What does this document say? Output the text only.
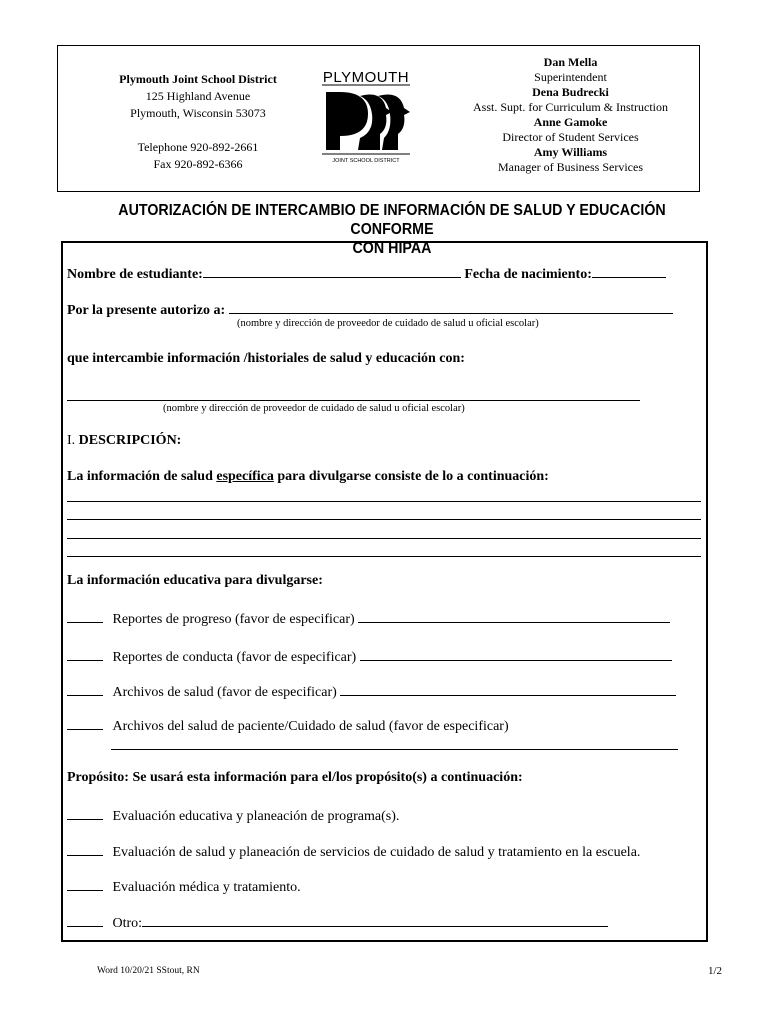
Plymouth Joint School District
125 Highland Avenue
Plymouth, Wisconsin 53073
Telephone 920-892-2661
Fax 920-892-6366
PLYMOUTH
JOINT SCHOOL DISTRICT
Dan Mella
Superintendent
Dena Budrecki
Asst. Supt. for Curriculum & Instruction
Anne Gamoke
Director of Student Services
Amy Williams
Manager of Business Services
AUTORIZACIÓN DE INTERCAMBIO DE INFORMACIÓN DE SALUD Y EDUCACIÓN CONFORME
CON HIPAA
Nombre de estudiante:	Fecha de nacimiento:
Por la presente autorizo a:
(nombre y dirección de proveedor de cuidado de salud u oficial escolar)
que intercambie información /historiales de salud y educación con:
(nombre y dirección de proveedor de cuidado de salud u oficial escolar)
I. DESCRIPCIÓN:
La información de salud específica para divulgarse consiste de lo a continuación:
La información educativa para divulgarse:
Reportes de progreso (favor de especificar)
Reportes de conducta (favor de especificar)
Archivos de salud (favor de especificar)
Archivos del salud de paciente/Cuidado de salud (favor de especificar)
Propósito: Se usará esta información para el/los propósito(s) a continuación:
Evaluación educativa y planeación de programa(s).
Evaluación de salud y planeación de servicios de cuidado de salud y tratamiento en la escuela.
Evaluación médica y tratamiento.
Otro:
Word 10/20/21 SStout, RN	1/2
